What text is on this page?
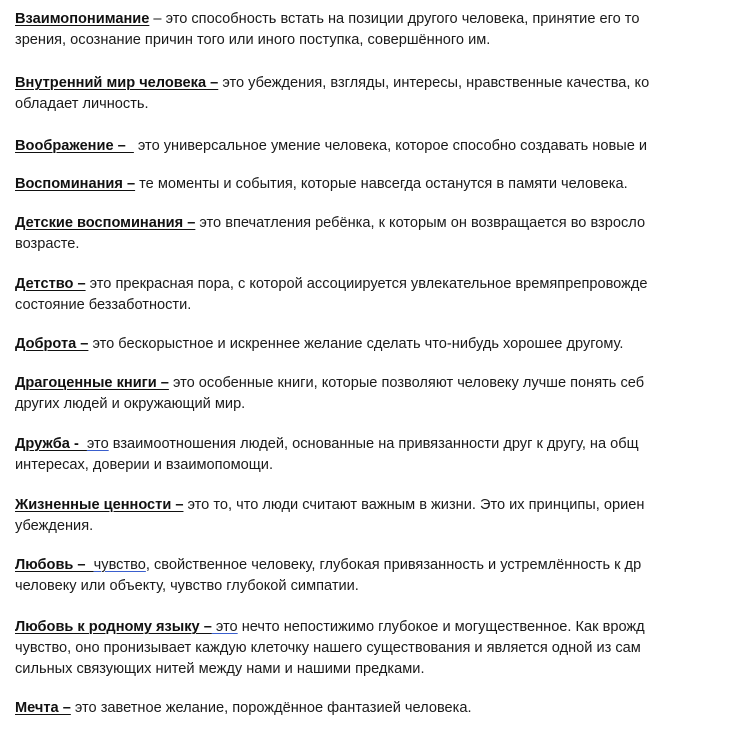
Взаимопонимание – это способность встать на позиции другого человека, принятие его то
зрения, осознание причин того или иного поступка, совершённого им.
Внутренний мир человека – это убеждения, взгляды, интересы, нравственные качества, ко
обладает личность.
Воображение –   это универсальное умение человека, которое способно создавать новые и
Воспоминания – те моменты и события, которые навсегда останутся в памяти человека.
Детские воспоминания – это впечатления ребёнка, к которым он возвращается во взросло
возрасте.
Детство – это прекрасная пора, с которой ассоциируется увлекательное времяпрепровожде
состояние беззаботности.
Доброта – это бескорыстное и искреннее желание сделать что-нибудь хорошее другому.
Драгоценные книги – это особенные книги, которые позволяют человеку лучше понять себ
других людей и окружающий мир.
Дружба -  это взаимоотношения людей, основанные на привязанности друг к другу, на общ
интересах, доверии и взаимопомощи.
Жизненные ценности – это то, что люди считают важным в жизни. Это их принципы, ориен
убеждения.
Любовь –  чувство, свойственное человеку, глубокая привязанность и устремлённость к др
человеку или объекту, чувство глубокой симпатии.
Любовь к родному языку – это нечто непостижимо глубокое и могущественное. Как врожд
чувство, оно пронизывает каждую клеточку нашего существования и является одной из сам
сильных связующих нитей между нами и нашими предками.
Мечта – это заветное желание, порождённое фантазией человека.
